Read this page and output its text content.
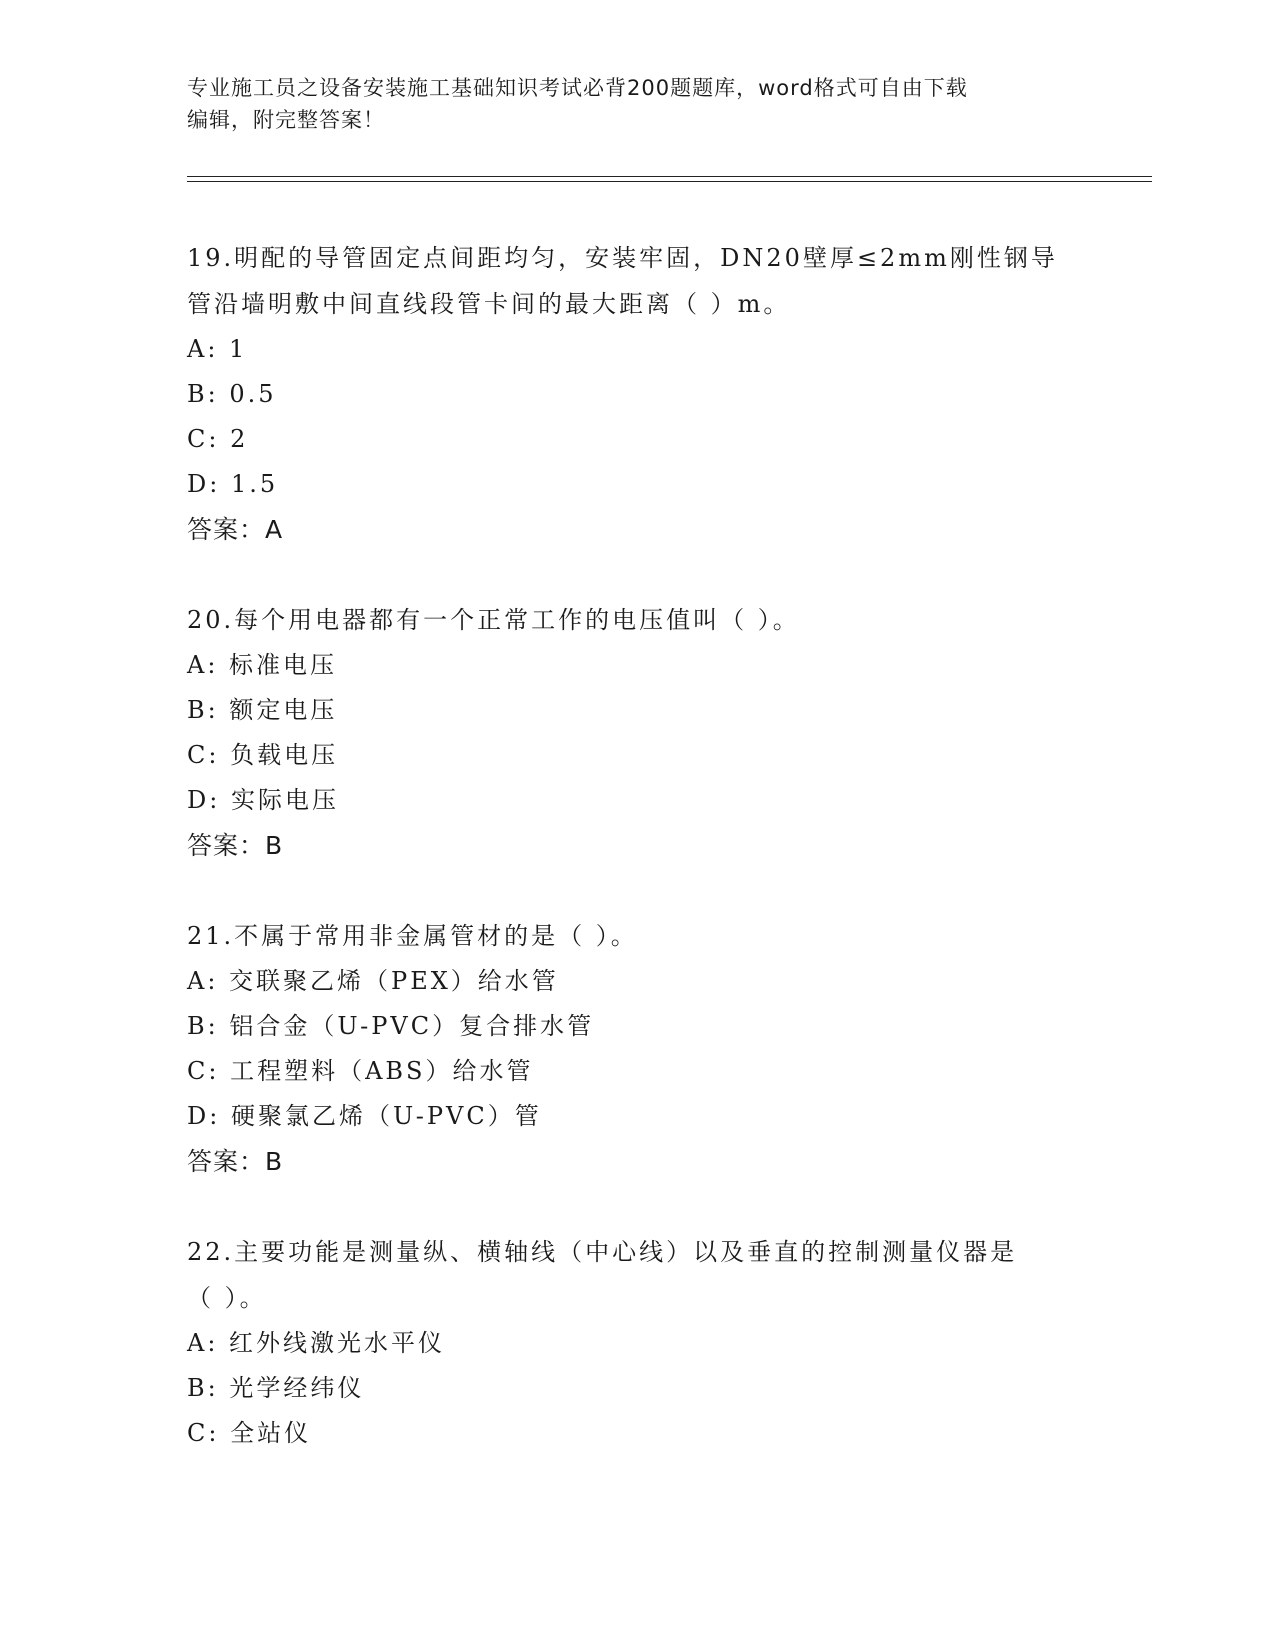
专业施工员之设备安装施工基础知识考试必背200题题库，word格式可自由下载
编辑，附完整答案！
19.明配的导管固定点间距均匀，安装牢固，DN20壁厚≤2mm刚性钢导
管沿墙明敷中间直线段管卡间的最大距离（ ）m。
A: 1
B: 0.5
C: 2
D: 1.5
答案：A
20.每个用电器都有一个正常工作的电压值叫（ ）。
A: 标准电压
B: 额定电压
C: 负载电压
D: 实际电压
答案：B
21.不属于常用非金属管材的是（ ）。
A: 交联聚乙烯（PEX）给水管
B: 铝合金（U-PVC）复合排水管
C: 工程塑料（ABS）给水管
D: 硬聚氯乙烯（U-PVC）管
答案：B
22.主要功能是测量纵、横轴线（中心线）以及垂直的控制测量仪器是
（ ）。
A: 红外线激光水平仪
B: 光学经纬仪
C: 全站仪
